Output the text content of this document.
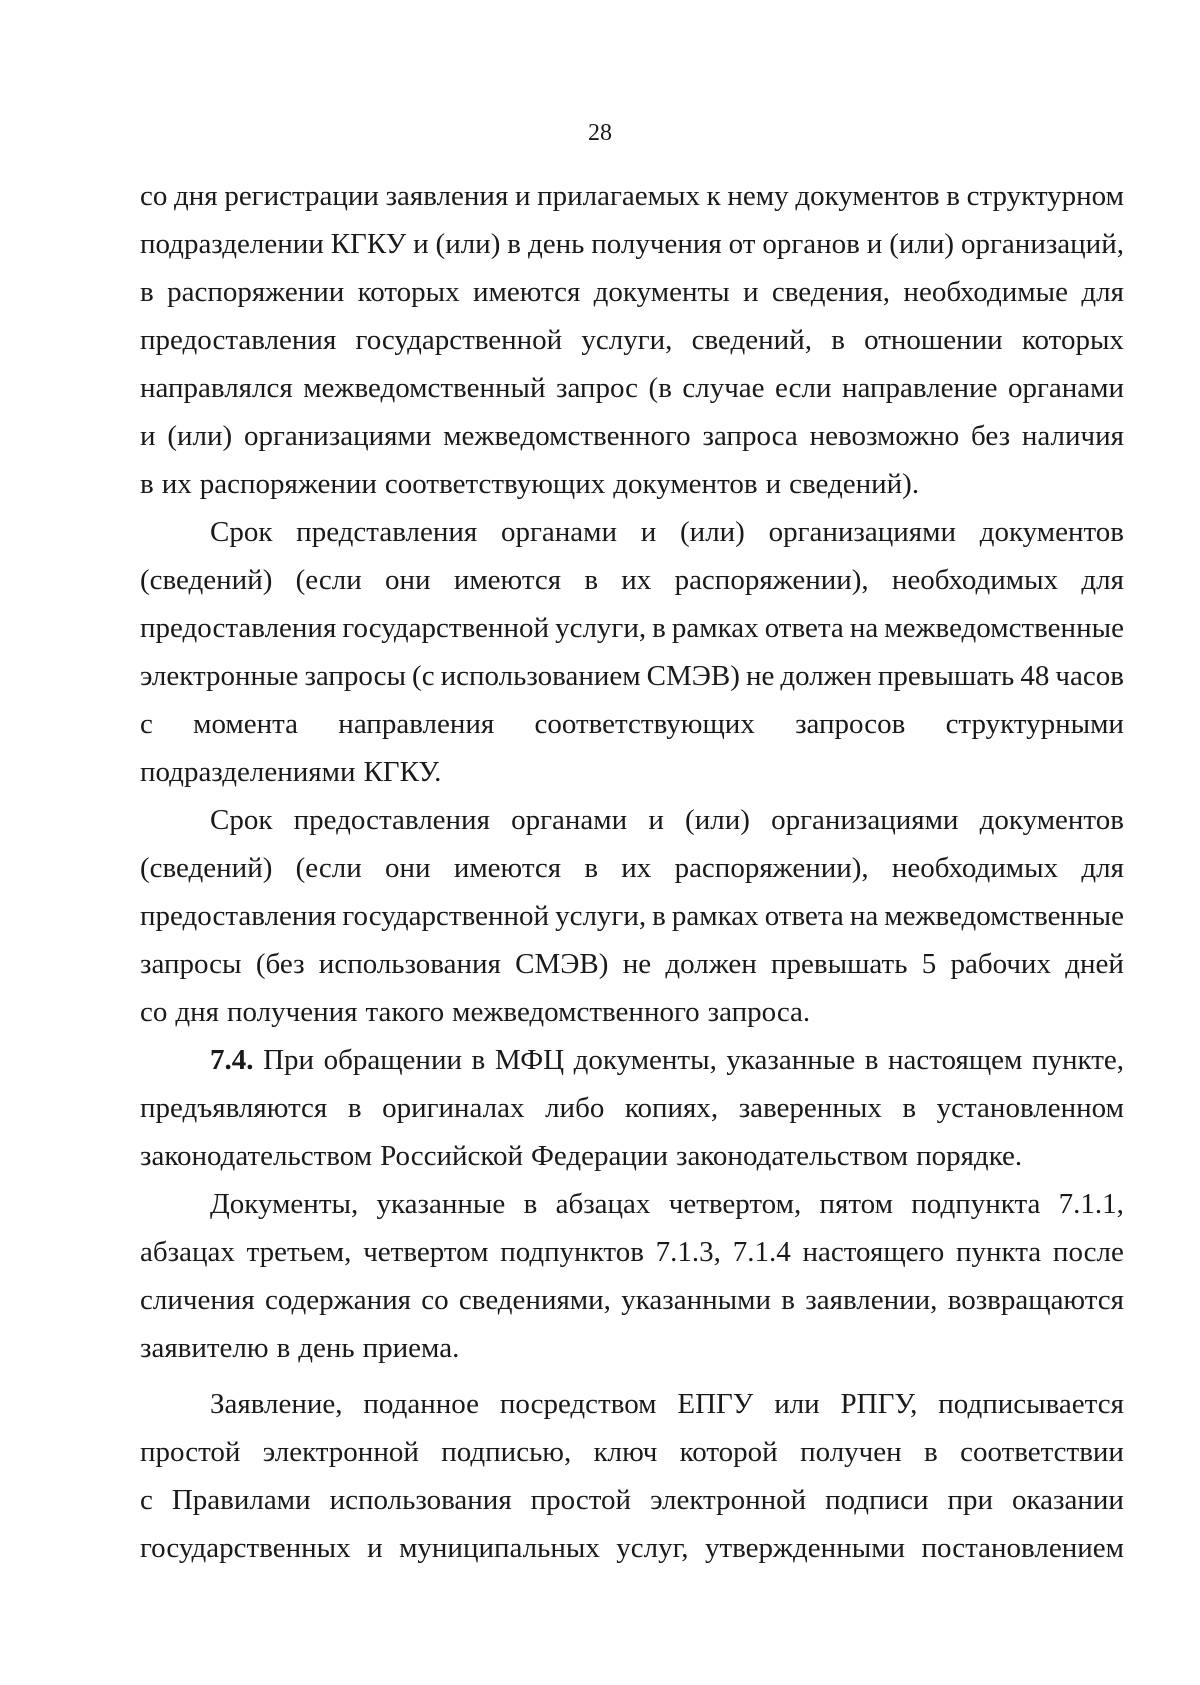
28
со дня регистрации заявления и прилагаемых к нему документов в структурном
подразделении КГКУ и (или) в день получения от органов и (или) организаций,
в распоряжении которых имеются документы и сведения, необходимые для
предоставления государственной услуги, сведений, в отношении которых
направлялся межведомственный запрос (в случае если направление органами
и (или) организациями межведомственного запроса невозможно без наличия
в их распоряжении соответствующих документов и сведений).
Срок представления органами и (или) организациями документов
(сведений) (если они имеются в их распоряжении), необходимых для
предоставления государственной услуги, в рамках ответа на межведомственные
электронные запросы (с использованием СМЭВ) не должен превышать 48 часов
с момента направления соответствующих запросов структурными
подразделениями КГКУ.
Срок предоставления органами и (или) организациями документов
(сведений) (если они имеются в их распоряжении), необходимых для
предоставления государственной услуги, в рамках ответа на межведомственные
запросы (без использования СМЭВ) не должен превышать 5 рабочих дней
со дня получения такого межведомственного запроса.
7.4. При обращении в МФЦ документы, указанные в настоящем пункте,
предъявляются в оригиналах либо копиях, заверенных в установленном
законодательством Российской Федерации законодательством порядке.
Документы, указанные в абзацах четвертом, пятом подпункта 7.1.1,
абзацах третьем, четвертом подпунктов 7.1.3, 7.1.4 настоящего пункта после
сличения содержания со сведениями, указанными в заявлении, возвращаются
заявителю в день приема.
Заявление, поданное посредством ЕПГУ или РПГУ, подписывается
простой электронной подписью, ключ которой получен в соответствии
с Правилами использования простой электронной подписи при оказании
государственных и муниципальных услуг, утвержденными постановлением
